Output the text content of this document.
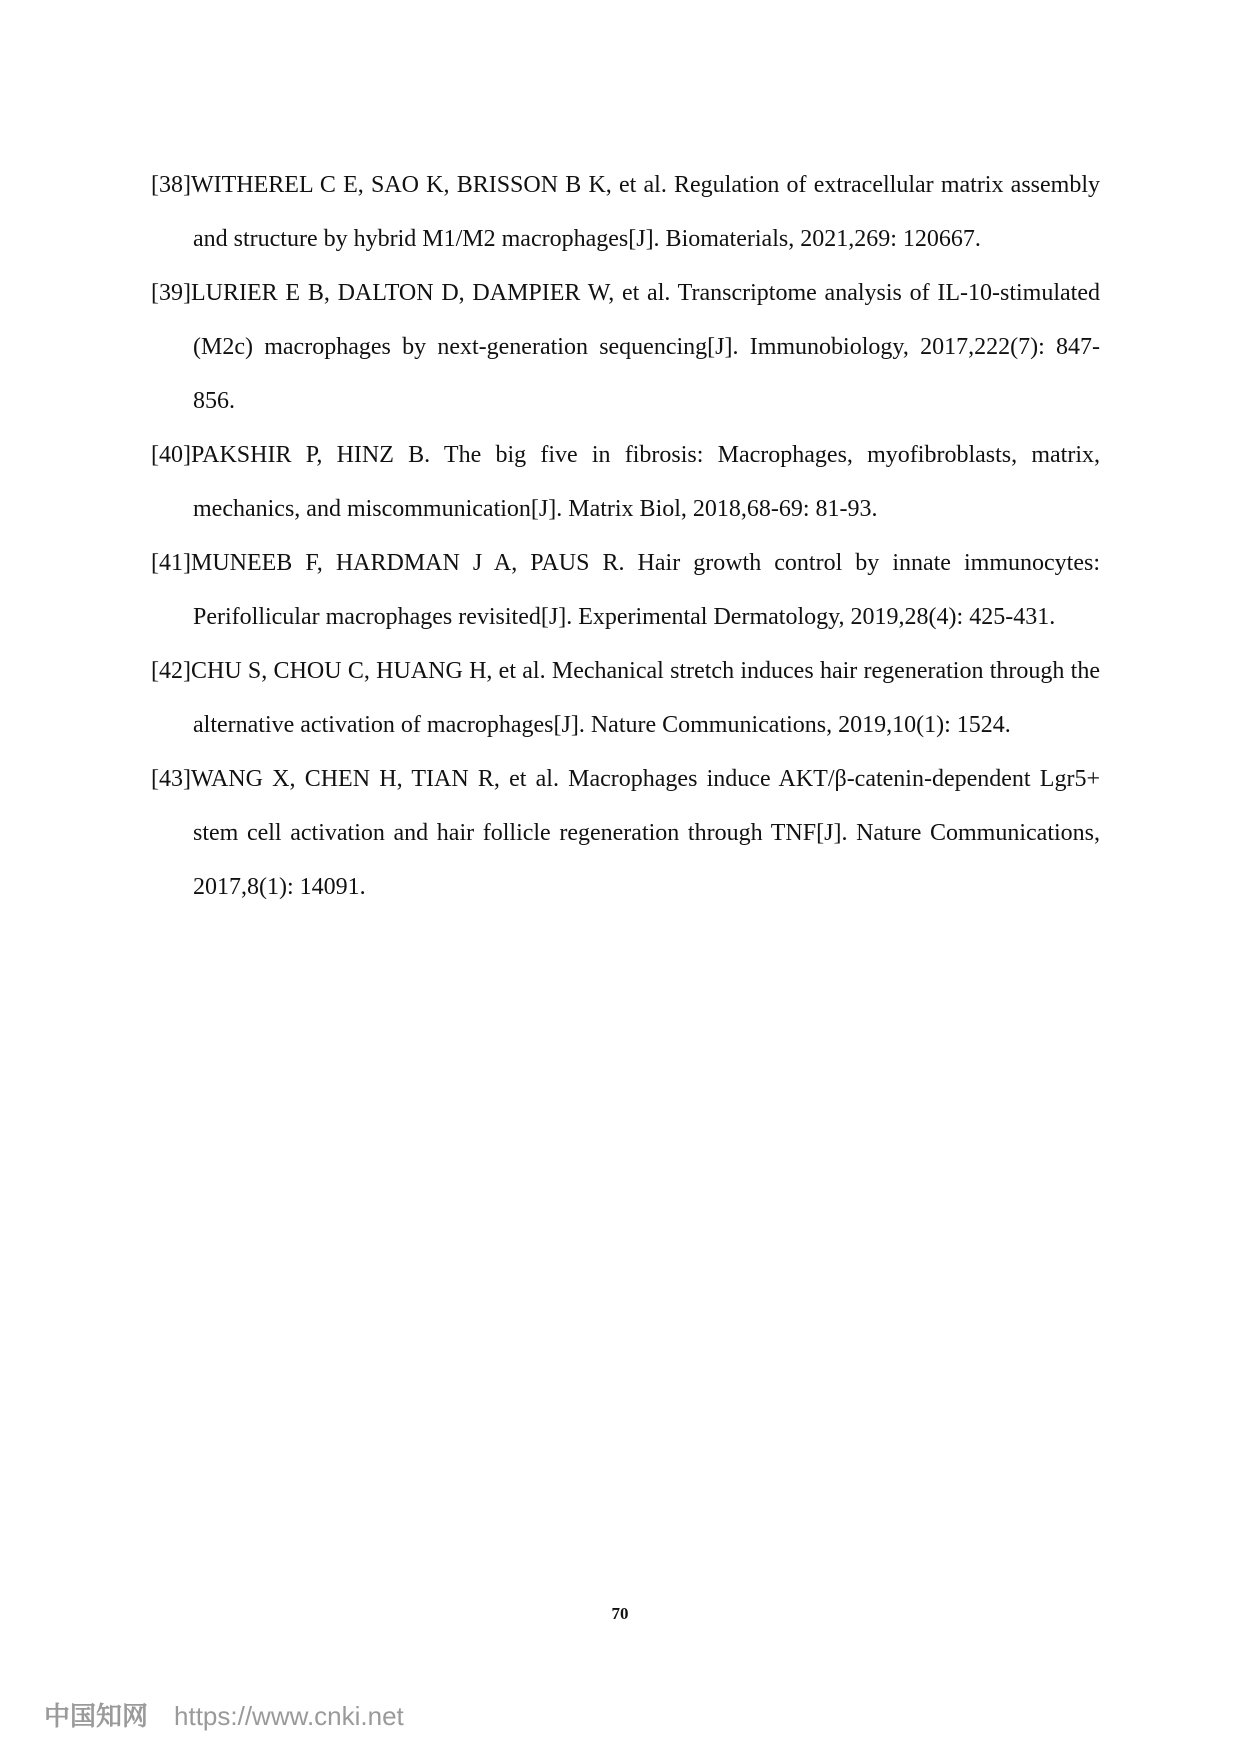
[38]WITHEREL C E, SAO K, BRISSON B K, et al. Regulation of extracellular matrix assembly and structure by hybrid M1/M2 macrophages[J]. Biomaterials, 2021,269: 120667.

[39]LURIER E B, DALTON D, DAMPIER W, et al. Transcriptome analysis of IL-10-stimulated (M2c) macrophages by next-generation sequencing[J]. Immunobiology, 2017,222(7): 847-856.

[40]PAKSHIR P, HINZ B. The big five in fibrosis: Macrophages, myofibroblasts, matrix, mechanics, and miscommunication[J]. Matrix Biol, 2018,68-69: 81-93.

[41]MUNEEB F, HARDMAN J A, PAUS R. Hair growth control by innate immunocytes: Perifollicular macrophages revisited[J]. Experimental Dermatology, 2019,28(4): 425-431.

[42]CHU S, CHOU C, HUANG H, et al. Mechanical stretch induces hair regeneration through the alternative activation of macrophages[J]. Nature Communications, 2019,10(1): 1524.

[43]WANG X, CHEN H, TIAN R, et al. Macrophages induce AKT/β-catenin-dependent Lgr5+ stem cell activation and hair follicle regeneration through TNF[J]. Nature Communications, 2017,8(1): 14091.

70
中国知网 https://www.cnki.net
